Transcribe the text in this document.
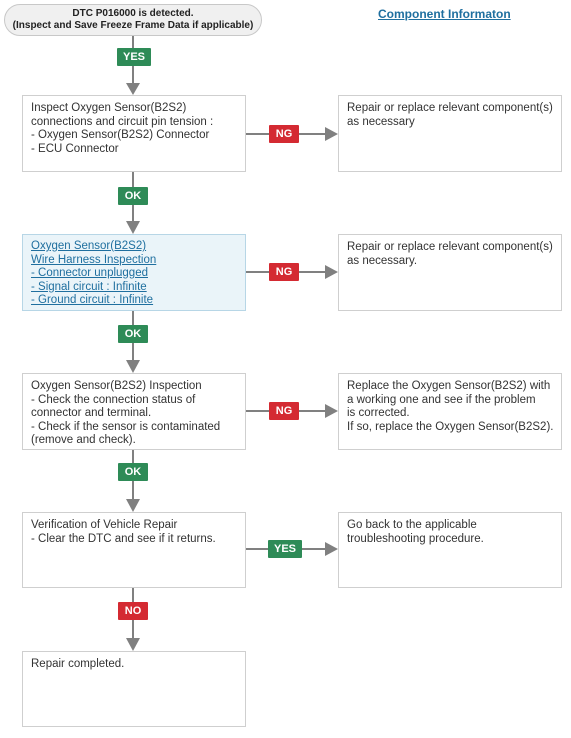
DTC P016000 is detected.
(Inspect and Save Freeze Frame Data if applicable)
Component Informaton
YES
Inspect Oxygen Sensor(B2S2)
connections and circuit pin tension :
- Oxygen Sensor(B2S2) Connector
- ECU Connector
NG
Repair or replace relevant component(s)
as necessary
OK
Oxygen Sensor(B2S2)
Wire Harness Inspection
- Connector unplugged
- Signal circuit : Infinite
- Ground circuit : Infinite
NG
Repair or replace relevant component(s)
as necessary.
OK
Oxygen Sensor(B2S2) Inspection
- Check the connection status of
connector and terminal.
- Check if the sensor is contaminated
(remove and check).
NG
Replace the Oxygen Sensor(B2S2) with
a working one and see if the problem
is corrected.
If so, replace the Oxygen Sensor(B2S2).
OK
Verification of Vehicle Repair
- Clear the DTC and see if it returns.
YES
Go back to the applicable
troubleshooting procedure.
NO
Repair completed.
